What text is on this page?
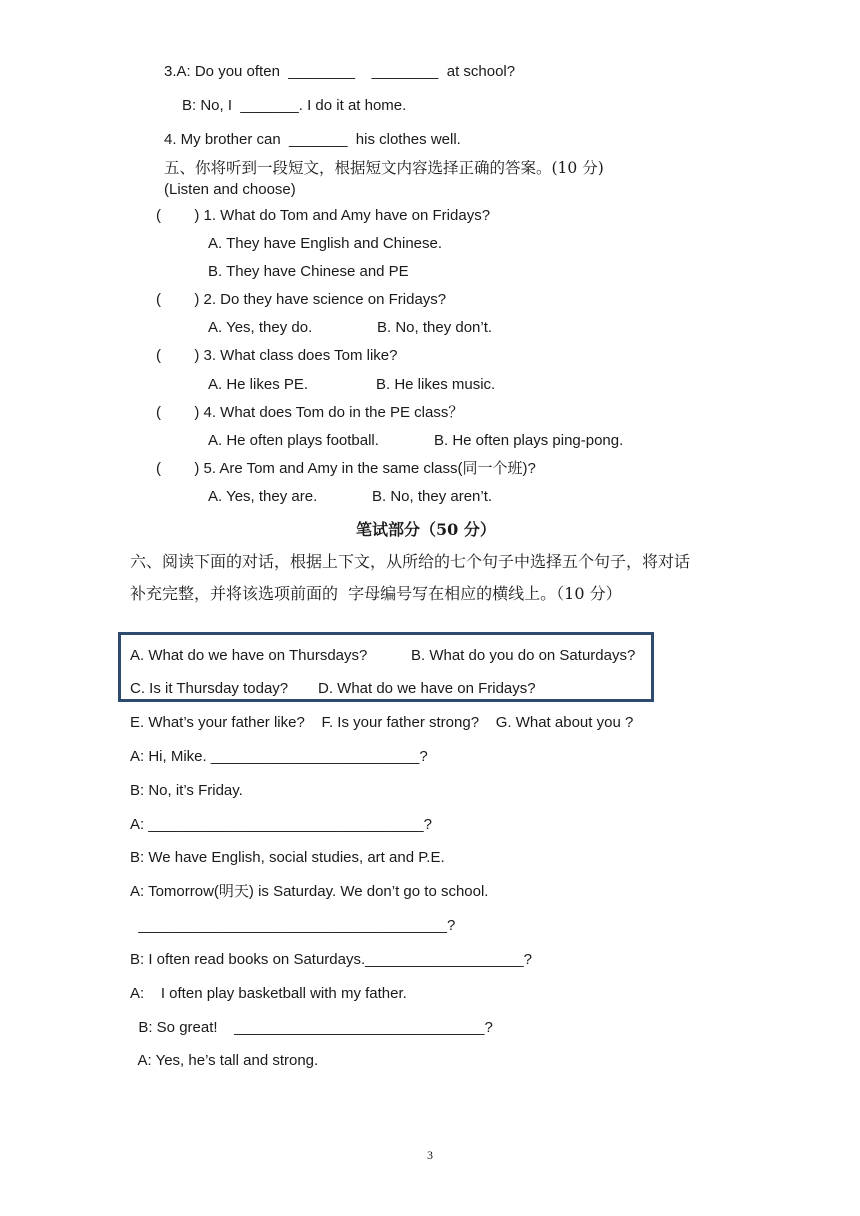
3.A: Do you often  ________    ________  at school?
B: No, I  _______. I do it at home.
4. My brother can  _______  his clothes well.
五、你将听到一段短文，根据短文内容选择正确的答案。(10 分)
(Listen and choose)
(        ) 1. What do Tom and Amy have on Fridays?
A. They have English and Chinese.
B. They have Chinese and PE
(        ) 2. Do they have science on Fridays?
A. Yes, they do.	B. No, they don’t.
(        ) 3. What class does Tom like?
A. He likes PE.	B. He likes music.
(        ) 4. What does Tom do in the PE class？
A. He often plays football.	B. He often plays ping-pong.
(        ) 5. Are Tom and Amy in the same class(同一个班)?
A. Yes, they are.	B. No, they aren’t.
笔试部分（50 分）
六、阅读下面的对话，根据上下文，从所给的七个句子中选择五个句子，将对话
补充完整，并将该选项前面的  字母编号写在相应的横线上。（10 分）
A. What do we have on Thursdays?	B. What do you do on Saturdays?
C. Is it Thursday today? D. What do we have on Fridays?
E. What’s your father like?    F. Is your father strong?    G. What about you ?
A: Hi, Mike. _________________________?
B: No, it’s Friday.
A: _________________________________?
B: We have English, social studies, art and P.E.
A: Tomorrow(明天) is Saturday. We don’t go to school.
_____________________________________?
B: I often read books on Saturdays.___________________?
A:    I often play basketball with my father.
B: So great!    ______________________________?
A: Yes, he’s tall and strong.
3
